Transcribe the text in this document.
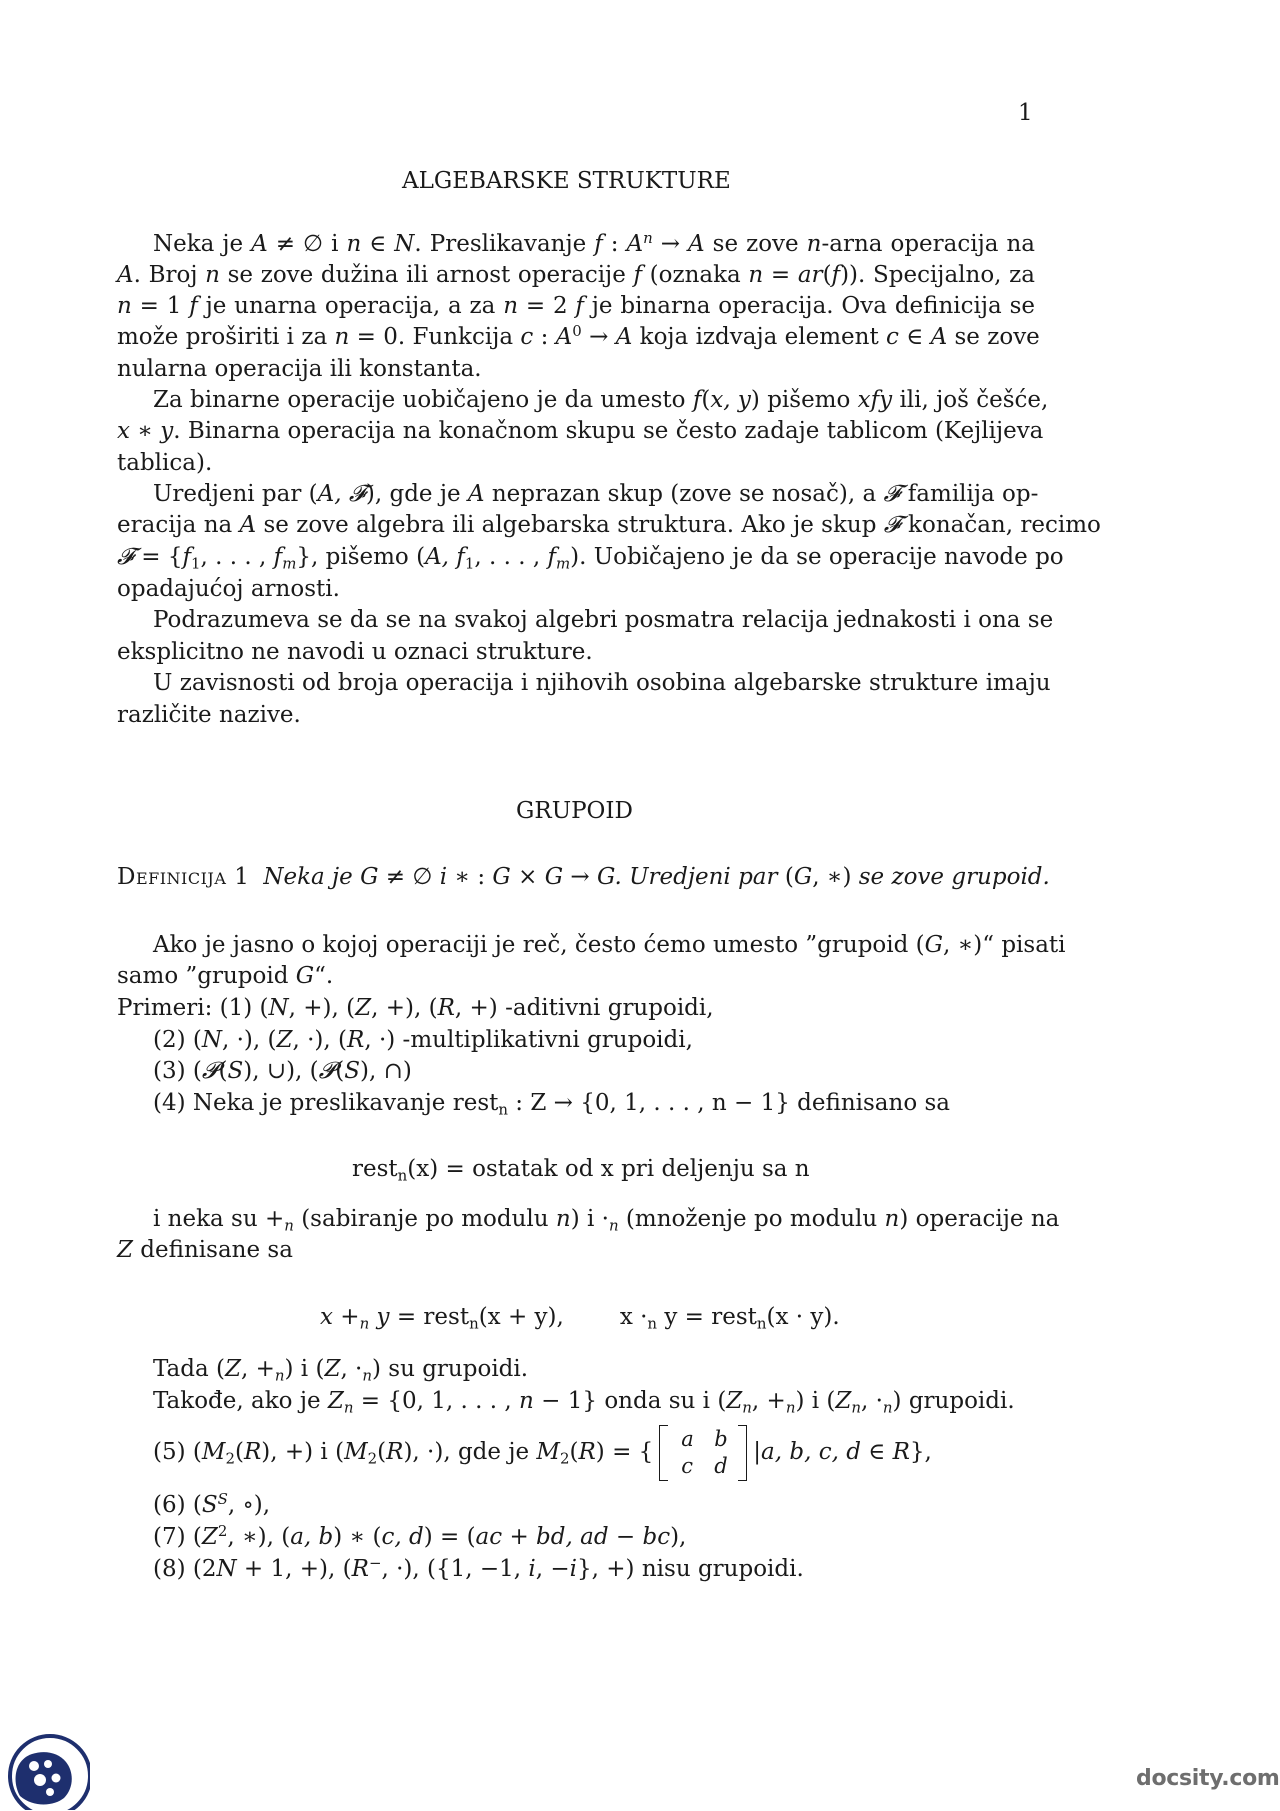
1
ALGEBARSKE STRUKTURE
Neka je A ≠ ∅ i n ∈ N. Preslikavanje f : $A^n \to A$ se zove n-arna operacija na
A. Broj n se zove dužina ili arnost operacije f (oznaka n = ar(f)). Specijalno, za
n = 1 f je unarna operacija, a za n = 2 f je binarna operacija. Ova definicija se
može proširiti i za n = 0. Funkcija c : $A^0 \to A$ koja izdvaja element c ∈ A se zove
nularna operacija ili konstanta.
Za binarne operacije uobičajeno je da umesto f(x, y) pišemo xfy ili, još češće,
x ∗ y. Binarna operacija na konačnom skupu se često zadaje tablicom (Kejlijeva
tablica).
Uredjeni par (A, 𝓕), gde je A neprazan skup (zove se nosač), a 𝓕 familija op-
eracija na A se zove algebra ili algebarska struktura. Ako je skup 𝓕 konačan, recimo
𝓕 = {$f_1$, . . . , $f_m$}, pišemo (A, $f_1$, . . . , $f_m$). Uobičajeno je da se operacije navode po
opadajućoj arnosti.
Podrazumeva se da se na svakoj algebri posmatra relacija jednakosti i ona se
eksplicitno ne navodi u oznaci strukture.
U zavisnosti od broja operacija i njihovih osobina algebarske strukture imaju
različite nazive.
GRUPOID
Definicija 1 Neka je G ≠ ∅ i ∗ : G × G → G. Uredjeni par (G, ∗) se zove grupoid.
Ako je jasno o kojoj operaciji je reč, često ćemo umesto ”grupoid (G, ∗)“ pisati
samo ”grupoid G“.
Primeri: (1) (N, +), (Z, +), (R, +) -aditivni grupoidi,
(2) (N, ·), (Z, ·), (R, ·) -multiplikativni grupoidi,
(3) (𝓟(S), ∪), (𝓟(S), ∩)
(4) Neka je preslikavanje rest$_n$ : Z → {0, 1, . . . , n − 1} definisano sa
rest$_n$(x) = ostatak od x pri deljenju sa n
i neka su $+_n$ (sabiranje po modulu n) $i \cdot_n$ (množenje po modulu n) operacije na
Z definisane sa
$x +_n$ y = rest$_n$(x + y), $x \cdot_n$ y = rest$_n$(x · y).
Tada (Z, $+_n$) i (Z, $\cdot_n$) su grupoidi.
Takođe, ako je $Z_n = \{0$, 1, . . . , n − 1} onda su i ($Z_n$, $+_n$) i ($Z_n$, $\cdot_n$) grupoidi.
(5) ($M_2(R)$, +) i ($M_2(R)$, ·), gde je $M_2(R)$ = { a b
c d
|a, b, c, d ∈ R},
(6) ($S^S$, ∘),
(7) ($Z^2$, ∗), (a, b) ∗ (c, d) = (ac + bd, ad − bc),
(8) (2N + 1, +), (R−, ·), ({1, −1, i, −i}, +) nisu grupoidi.
docsity.com
